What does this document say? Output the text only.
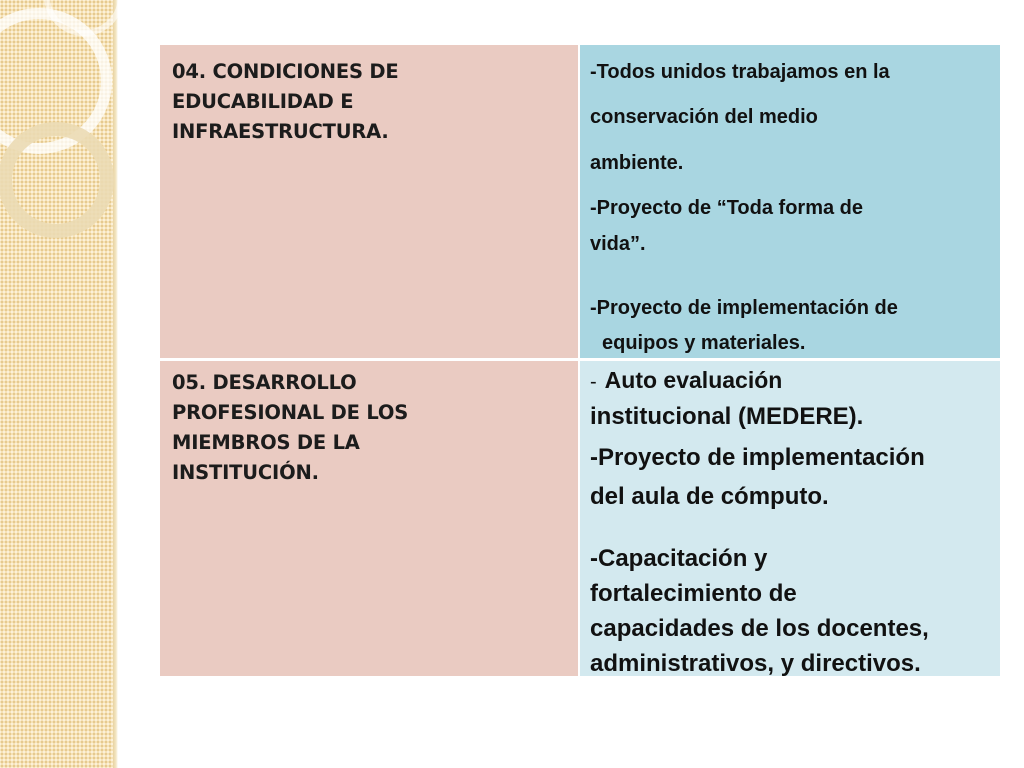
04. CONDICIONES DE
EDUCABILIDAD E
INFRAESTRUCTURA.
-Todos unidos trabajamos en la
conservación del medio
ambiente.
-Proyecto de “Toda forma de
vida”.
-Proyecto de implementación de
equipos y materiales.
05. DESARROLLO
PROFESIONAL DE LOS
MIEMBROS DE LA
INSTITUCIÓN.
- Auto evaluación
institucional (MEDERE).
-Proyecto de implementación
del aula de cómputo.
-Capacitación y
fortalecimiento de
capacidades de los docentes,
administrativos, y directivos.
